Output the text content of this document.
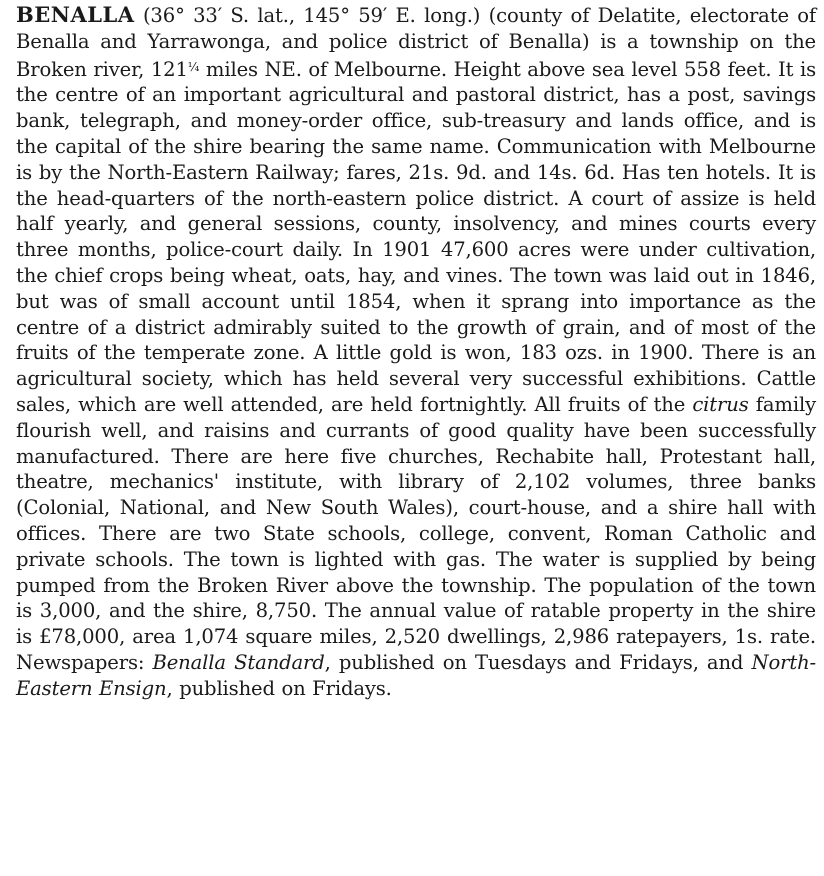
BENALLA (36° 33′ S. lat., 145° 59′ E. long.) (county of Delatite, electorate of Benalla and Yarrawonga, and police district of Benalla) is a township on the Broken river, $121^{\frac{1}{4}}$ miles NE. of Melbourne. Height above sea level 558 feet. It is the centre of an important agricultural and pastoral district, has a post, savings bank, telegraph, and money-order office, sub-treasury and lands office, and is the capital of the shire bearing the same name. Communication with Melbourne is by the North-Eastern Railway; fares, 21s. 9d. and 14s. 6d. Has ten hotels. It is the head-quarters of the north-eastern police district. A court of assize is held half yearly, and general sessions, county, insolvency, and mines courts every three months, police-court daily. In 1901 47,600 acres were under cultivation, the chief crops being wheat, oats, hay, and vines. The town was laid out in 1846, but was of small account until 1854, when it sprang into importance as the centre of a district admirably suited to the growth of grain, and of most of the fruits of the temperate zone. A little gold is won, 183 ozs. in 1900. There is an agricultural society, which has held several very successful exhibitions. Cattle sales, which are well attended, are held fortnightly. All fruits of the citrus family flourish well, and raisins and currants of good quality have been successfully manufactured. There are here five churches, Rechabite hall, Protestant hall, theatre, mechanics' institute, with library of 2,102 volumes, three banks (Colonial, National, and New South Wales), court-house, and a shire hall with offices. There are two State schools, college, convent, Roman Catholic and private schools. The town is lighted with gas. The water is supplied by being pumped from the Broken River above the township. The population of the town is 3,000, and the shire, 8,750. The annual value of ratable property in the shire is £78,000, area 1,074 square miles, 2,520 dwellings, 2,986 ratepayers, 1s. rate. Newspapers: Benalla Standard, published on Tuesdays and Fridays, and North-Eastern Ensign, published on Fridays.
